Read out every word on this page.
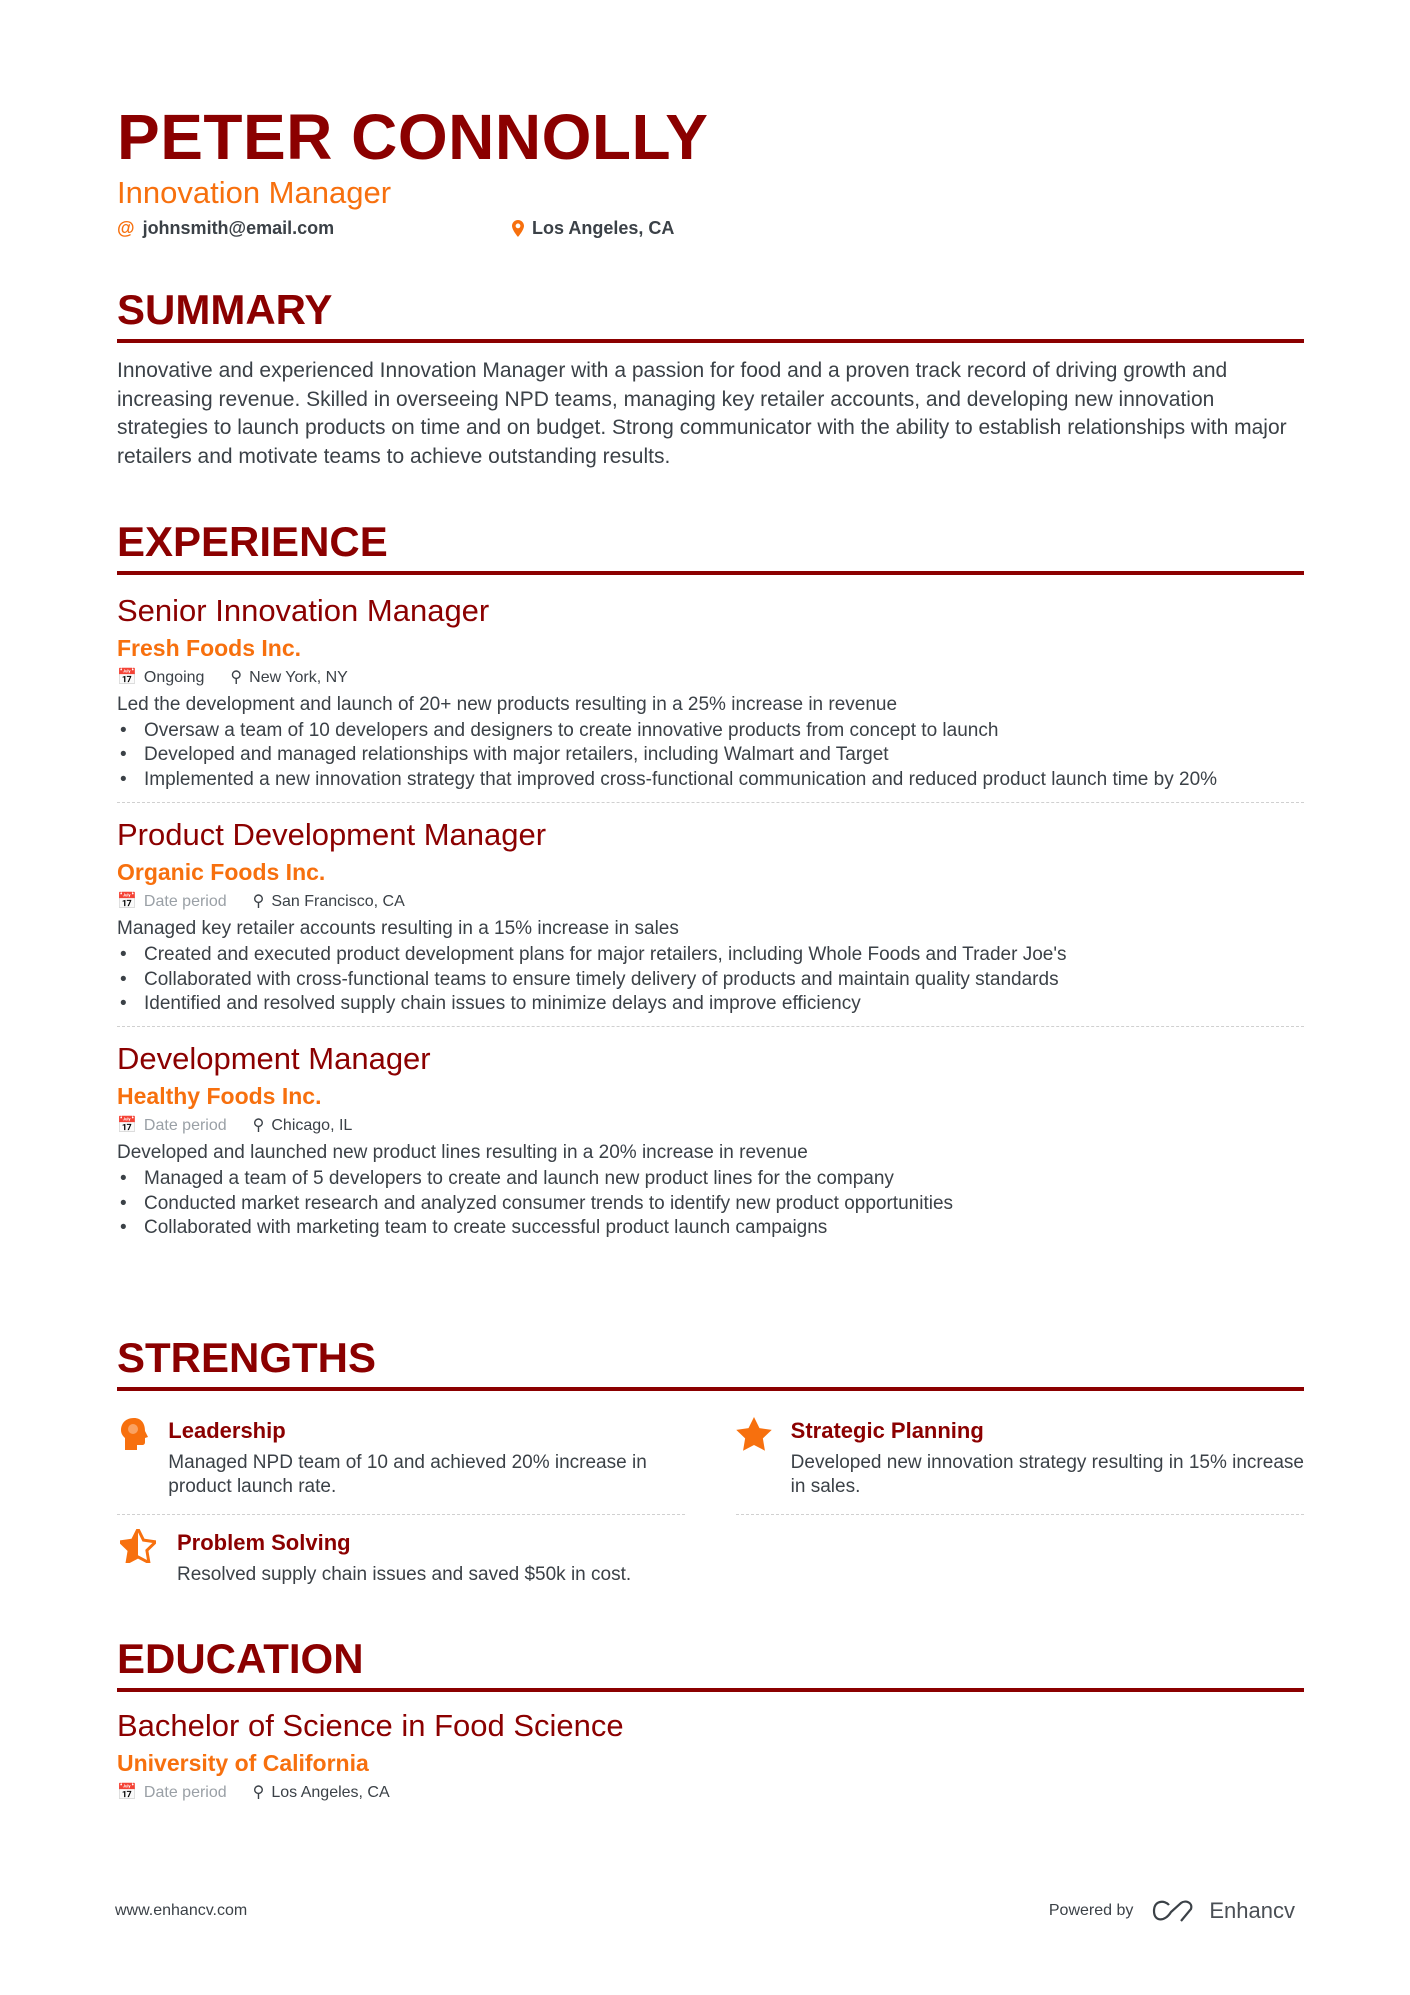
PETER CONNOLLY
Innovation Manager
@ johnsmith@email.com	Los Angeles, CA
SUMMARY

Innovative and experienced Innovation Manager with a passion for food and a proven track record of driving growth and increasing revenue. Skilled in overseeing NPD teams, managing key retailer accounts, and developing new innovation strategies to launch products on time and on budget. Strong communicator with the ability to establish relationships with major retailers and motivate teams to achieve outstanding results.

EXPERIENCE
Senior Innovation Manager
Fresh Foods Inc.
📅 Ongoing ⚲ New York, NY
Led the development and launch of 20+ new products resulting in a 25% increase in revenue
• Oversaw a team of 10 developers and designers to create innovative products from concept to launch
• Developed and managed relationships with major retailers, including Walmart and Target
• Implemented a new innovation strategy that improved cross-functional communication and reduced product launch time by 20%
Product Development Manager
Organic Foods Inc.
📅 Date period ⚲ San Francisco, CA
Managed key retailer accounts resulting in a 15% increase in sales
• Created and executed product development plans for major retailers, including Whole Foods and Trader Joe's
• Collaborated with cross-functional teams to ensure timely delivery of products and maintain quality standards
• Identified and resolved supply chain issues to minimize delays and improve efficiency
Development Manager
Healthy Foods Inc.
📅 Date period ⚲ Chicago, IL
Developed and launched new product lines resulting in a 20% increase in revenue
• Managed a team of 5 developers to create and launch new product lines for the company
• Conducted market research and analyzed consumer trends to identify new product opportunities
• Collaborated with marketing team to create successful product launch campaigns
STRENGTHS
Leadership

Managed NPD team of 10 and achieved 20% increase in product launch rate.

Strategic Planning

Developed new innovation strategy resulting in 15% increase in sales.

Problem Solving

Resolved supply chain issues and saved $50k in cost.

EDUCATION
Bachelor of Science in Food Science
University of California
📅 Date period ⚲ Los Angeles, CA
www.enhancv.com	Powered by	Enhancv
